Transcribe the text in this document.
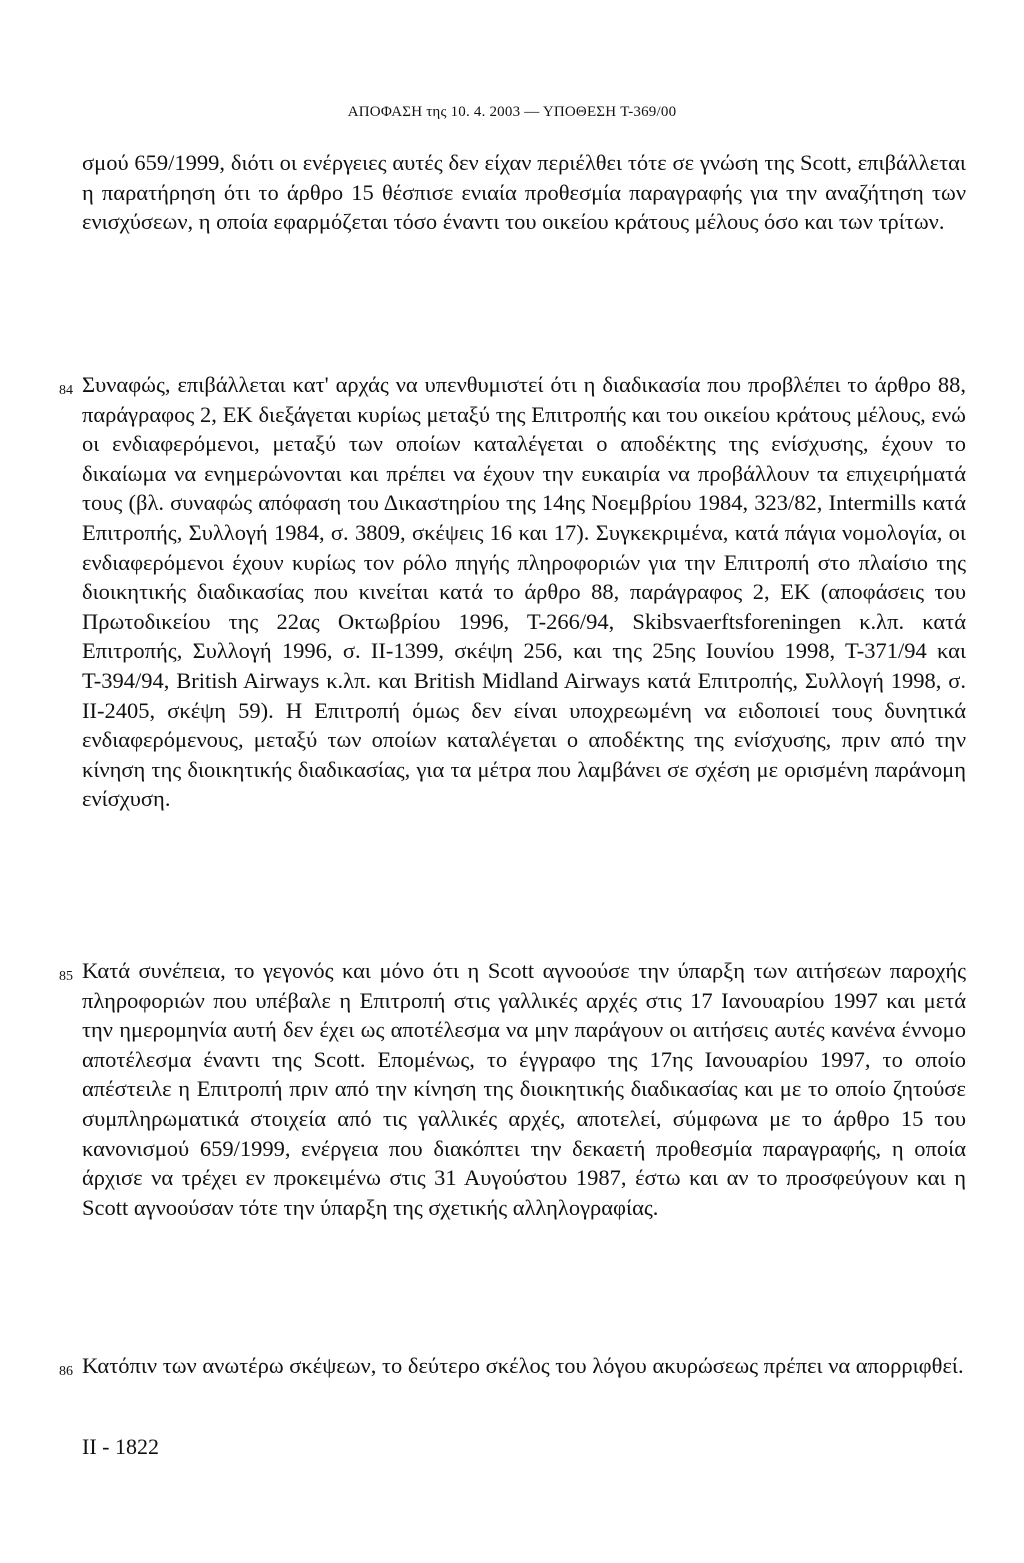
ΑΠΟΦΑΣΗ της 10. 4. 2003 — ΥΠΟΘΕΣΗ T-369/00

σμού 659/1999, διότι οι ενέργειες αυτές δεν είχαν περιέλθει τότε σε γνώση της Scott, επιβάλλεται η παρατήρηση ότι το άρθρο 15 θέσπισε ενιαία προθεσμία παραγραφής για την αναζήτηση των ενισχύσεων, η οποία εφαρμόζεται τόσο έναντι του οικείου κράτους μέλους όσο και των τρίτων.

84 Συναφώς, επιβάλλεται κατ' αρχάς να υπενθυμιστεί ότι η διαδικασία που προβλέπει το άρθρο 88, παράγραφος 2, ΕΚ διεξάγεται κυρίως μεταξύ της Επιτροπής και του οικείου κράτους μέλους, ενώ οι ενδιαφερόμενοι, μεταξύ των οποίων καταλέγεται ο αποδέκτης της ενίσχυσης, έχουν το δικαίωμα να ενημερώνονται και πρέπει να έχουν την ευκαιρία να προβάλλουν τα επιχειρήματά τους (βλ. συναφώς απόφαση του Δικαστηρίου της 14ης Νοεμβρίου 1984, 323/82, Intermills κατά Επιτροπής, Συλλογή 1984, σ. 3809, σκέψεις 16 και 17). Συγκεκριμένα, κατά πάγια νομολογία, οι ενδιαφερόμενοι έχουν κυρίως τον ρόλο πηγής πληροφοριών για την Επιτροπή στο πλαίσιο της διοικητικής διαδικασίας που κινείται κατά το άρθρο 88, παράγραφος 2, ΕΚ (αποφάσεις του Πρωτοδικείου της 22ας Οκτωβρίου 1996, Τ-266/94, Skibsvaerftsforeningen κ.λπ. κατά Επιτροπής, Συλλογή 1996, σ. II-1399, σκέψη 256, και της 25ης Ιουνίου 1998, Τ-371/94 και Τ-394/94, British Airways κ.λπ. και British Midland Airways κατά Επιτροπής, Συλλογή 1998, σ. II-2405, σκέψη 59). Η Επιτροπή όμως δεν είναι υποχρεωμένη να ειδοποιεί τους δυνητικά ενδιαφερόμενους, μεταξύ των οποίων καταλέγεται ο αποδέκτης της ενίσχυσης, πριν από την κίνηση της διοικητικής διαδικασίας, για τα μέτρα που λαμβάνει σε σχέση με ορισμένη παράνομη ενίσχυση.

85 Κατά συνέπεια, το γεγονός και μόνο ότι η Scott αγνοούσε την ύπαρξη των αιτήσεων παροχής πληροφοριών που υπέβαλε η Επιτροπή στις γαλλικές αρχές στις 17 Ιανουαρίου 1997 και μετά την ημερομηνία αυτή δεν έχει ως αποτέλεσμα να μην παράγουν οι αιτήσεις αυτές κανένα έννομο αποτέλεσμα έναντι της Scott. Επομένως, το έγγραφο της 17ης Ιανουαρίου 1997, το οποίο απέστειλε η Επιτροπή πριν από την κίνηση της διοικητικής διαδικασίας και με το οποίο ζητούσε συμπληρωματικά στοιχεία από τις γαλλικές αρχές, αποτελεί, σύμφωνα με το άρθρο 15 του κανονισμού 659/1999, ενέργεια που διακόπτει την δεκαετή προθεσμία παραγραφής, η οποία άρχισε να τρέχει εν προκειμένω στις 31 Αυγούστου 1987, έστω και αν το προσφεύγουν και η Scott αγνοούσαν τότε την ύπαρξη της σχετικής αλληλογραφίας.

86 Κατόπιν των ανωτέρω σκέψεων, το δεύτερο σκέλος του λόγου ακυρώσεως πρέπει να απορριφθεί.

II - 1822
